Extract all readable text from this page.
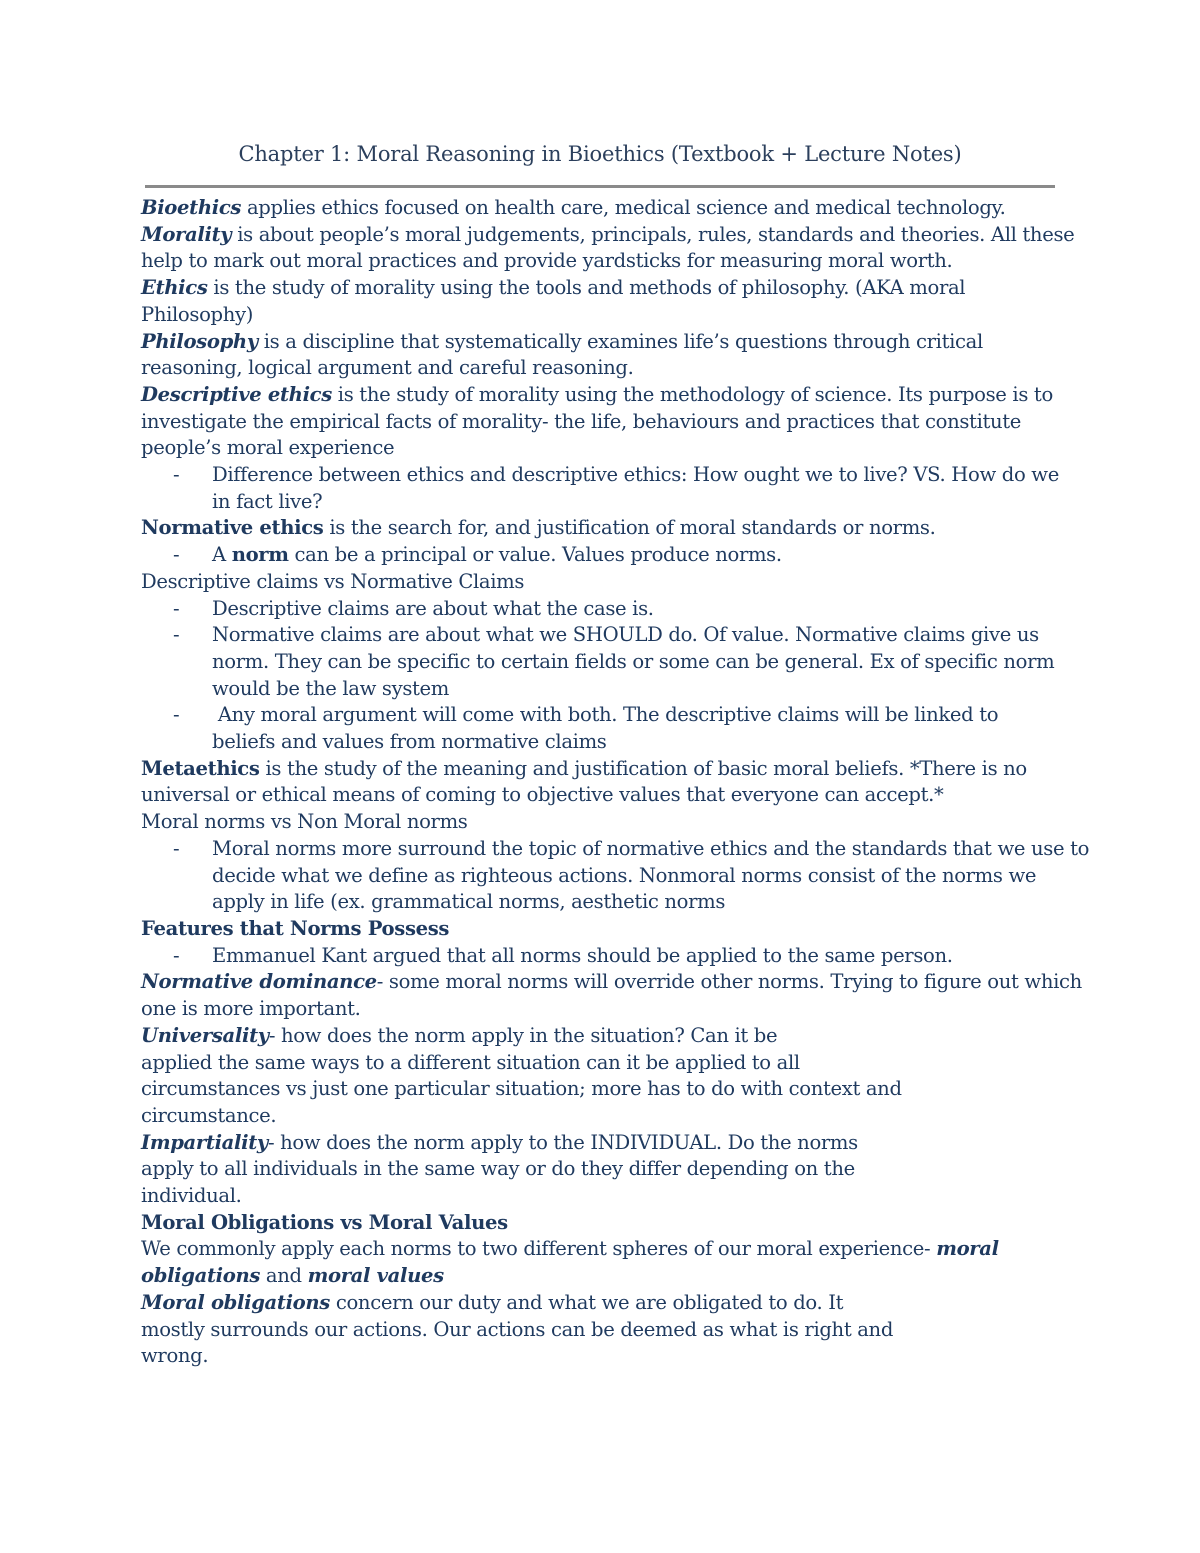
Chapter 1: Moral Reasoning in Bioethics (Textbook + Lecture Notes)

Bioethics applies ethics focused on health care, medical science and medical technology.

Morality is about people’s moral judgements, principals, rules, standards and theories. All these

help to mark out moral practices and provide yardsticks for measuring moral worth.

Ethics is the study of morality using the tools and methods of philosophy. (AKA moral

Philosophy)

Philosophy is a discipline that systematically examines life’s questions through critical

reasoning, logical argument and careful reasoning.

Descriptive ethics is the study of morality using the methodology of science. Its purpose is to

investigate the empirical facts of morality- the life, behaviours and practices that constitute

people’s moral experience

- Difference between ethics and descriptive ethics: How ought we to live? VS. How do we
in fact live?

Normative ethics is the search for, and justification of moral standards or norms.

- A norm can be a principal or value. Values produce norms.

Descriptive claims vs Normative Claims

- Descriptive claims are about what the case is.
- Normative claims are about what we SHOULD do. Of value. Normative claims give us
norm. They can be specific to certain fields or some can be general. Ex of specific norm
would be the law system
- Any moral argument will come with both. The descriptive claims will be linked to
beliefs and values from normative claims

Metaethics is the study of the meaning and justification of basic moral beliefs. *There is no

universal or ethical means of coming to objective values that everyone can accept.*

Moral norms vs Non Moral norms

- Moral norms more surround the topic of normative ethics and the standards that we use to
decide what we define as righteous actions. Nonmoral norms consist of the norms we
apply in life (ex. grammatical norms, aesthetic norms

Features that Norms Possess

- Emmanuel Kant argued that all norms should be applied to the same person.

Normative dominance- some moral norms will override other norms. Trying to figure out which

one is more important.

Universality- how does the norm apply in the situation? Can it be

applied the same ways to a different situation can it be applied to all

circumstances vs just one particular situation; more has to do with context and

circumstance.

Impartiality- how does the norm apply to the INDIVIDUAL. Do the norms

apply to all individuals in the same way or do they differ depending on the

individual.

Moral Obligations vs Moral Values

We commonly apply each norms to two different spheres of our moral experience- moral

obligations and moral values

Moral obligations concern our duty and what we are obligated to do. It

mostly surrounds our actions. Our actions can be deemed as what is right and

wrong.
